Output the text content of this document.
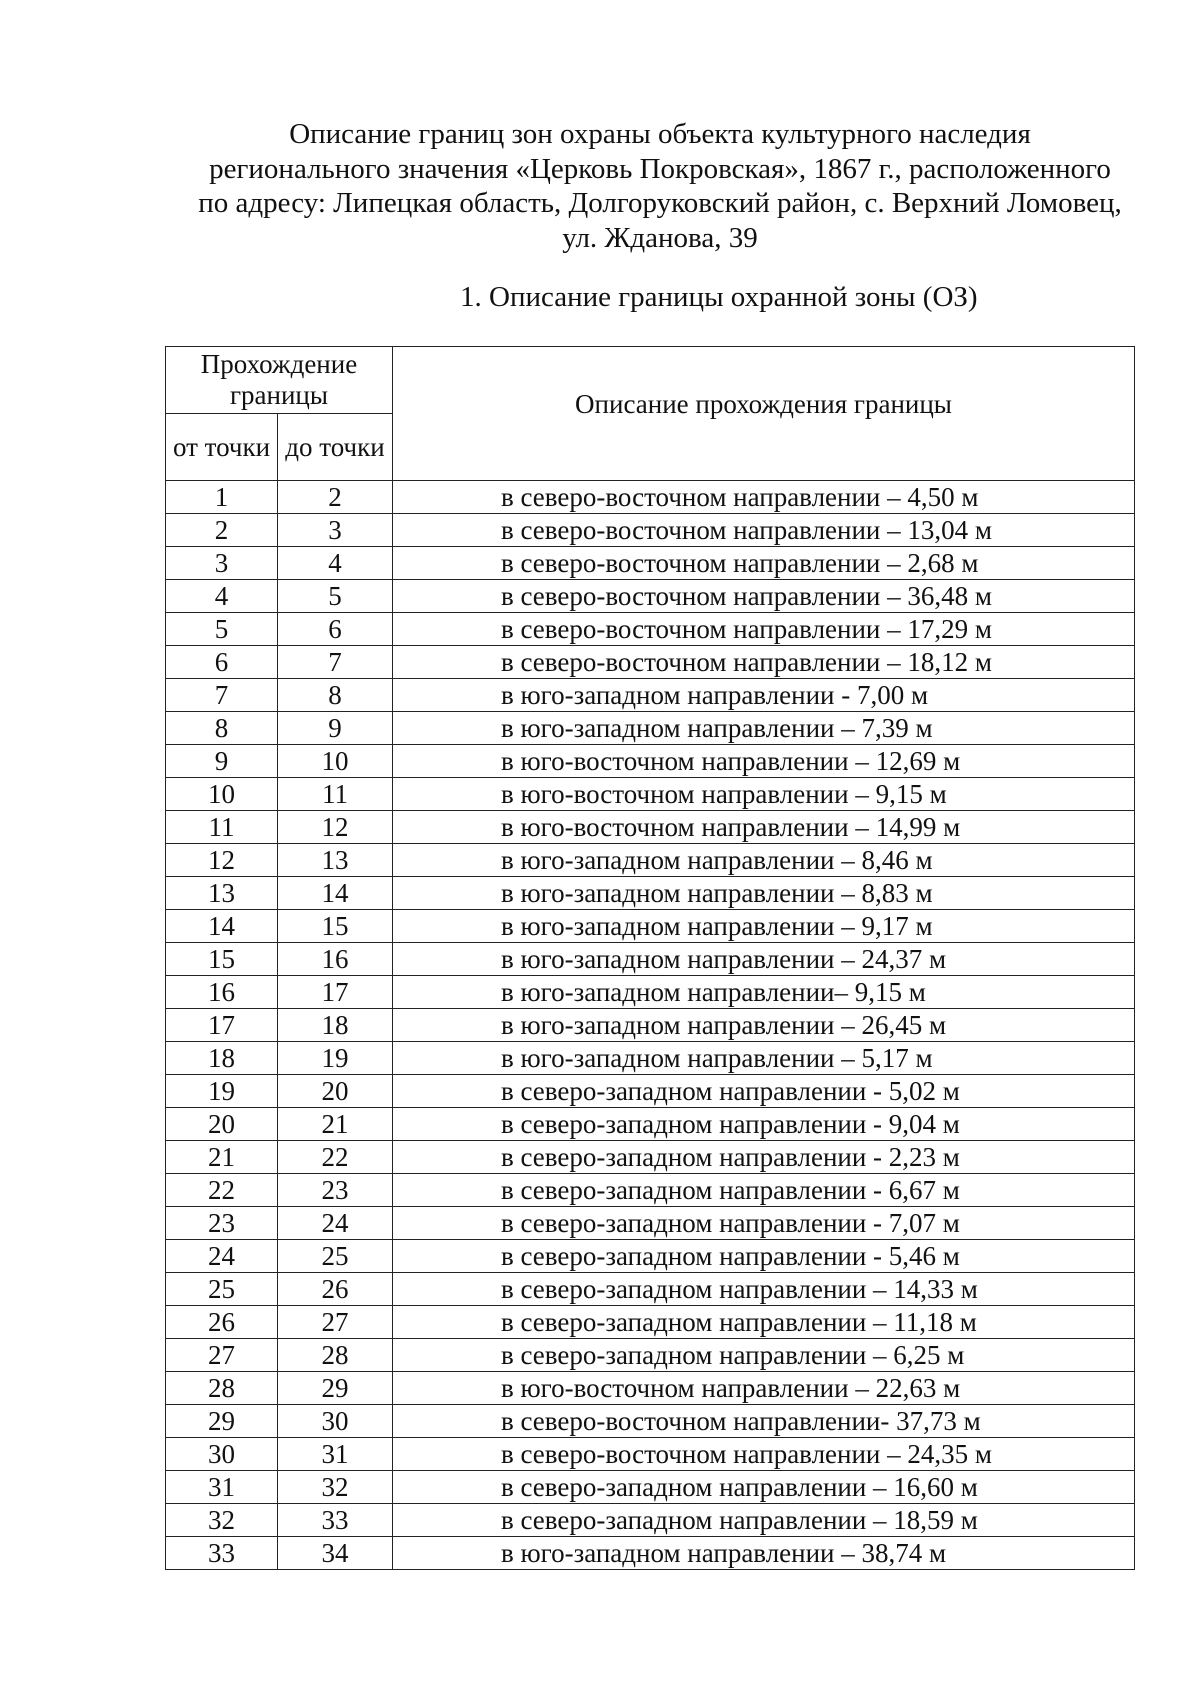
Описание границ зон охраны объекта культурного наследия
регионального значения «Церковь Покровская», 1867 г., расположенного
по адресу: Липецкая область, Долгоруковский район, с. Верхний Ломовец,
ул. Жданова, 39
1. Описание границы охранной зоны (ОЗ)
Прохождение границы		Описание прохождения границы
от точки	до точки	
1	2	в северо-восточном направлении – 4,50 м
2	3	в северо-восточном направлении – 13,04 м
3	4	в северо-восточном направлении – 2,68 м
4	5	в северо-восточном направлении – 36,48 м
5	6	в северо-восточном направлении – 17,29 м
6	7	в северо-восточном направлении – 18,12 м
7	8	в юго-западном направлении - 7,00 м
8	9	в юго-западном направлении – 7,39 м
9	10	в юго-восточном направлении – 12,69 м
10	11	в юго-восточном направлении – 9,15 м
11	12	в юго-восточном направлении – 14,99 м
12	13	в юго-западном направлении – 8,46 м
13	14	в юго-западном направлении – 8,83 м
14	15	в юго-западном направлении – 9,17 м
15	16	в юго-западном направлении – 24,37 м
16	17	в юго-западном направлении– 9,15 м
17	18	в юго-западном направлении – 26,45 м
18	19	в юго-западном направлении – 5,17 м
19	20	в северо-западном направлении - 5,02 м
20	21	в северо-западном направлении - 9,04 м
21	22	в северо-западном направлении - 2,23 м
22	23	в северо-западном направлении - 6,67 м
23	24	в северо-западном направлении - 7,07 м
24	25	в северо-западном направлении - 5,46 м
25	26	в северо-западном направлении – 14,33 м
26	27	в северо-западном направлении – 11,18 м
27	28	в северо-западном направлении – 6,25 м
28	29	в юго-восточном направлении – 22,63 м
29	30	в северо-восточном направлении- 37,73 м
30	31	в северо-восточном направлении – 24,35 м
31	32	в северо-западном направлении – 16,60 м
32	33	в северо-западном направлении – 18,59 м
33	34	в юго-западном направлении – 38,74 м
